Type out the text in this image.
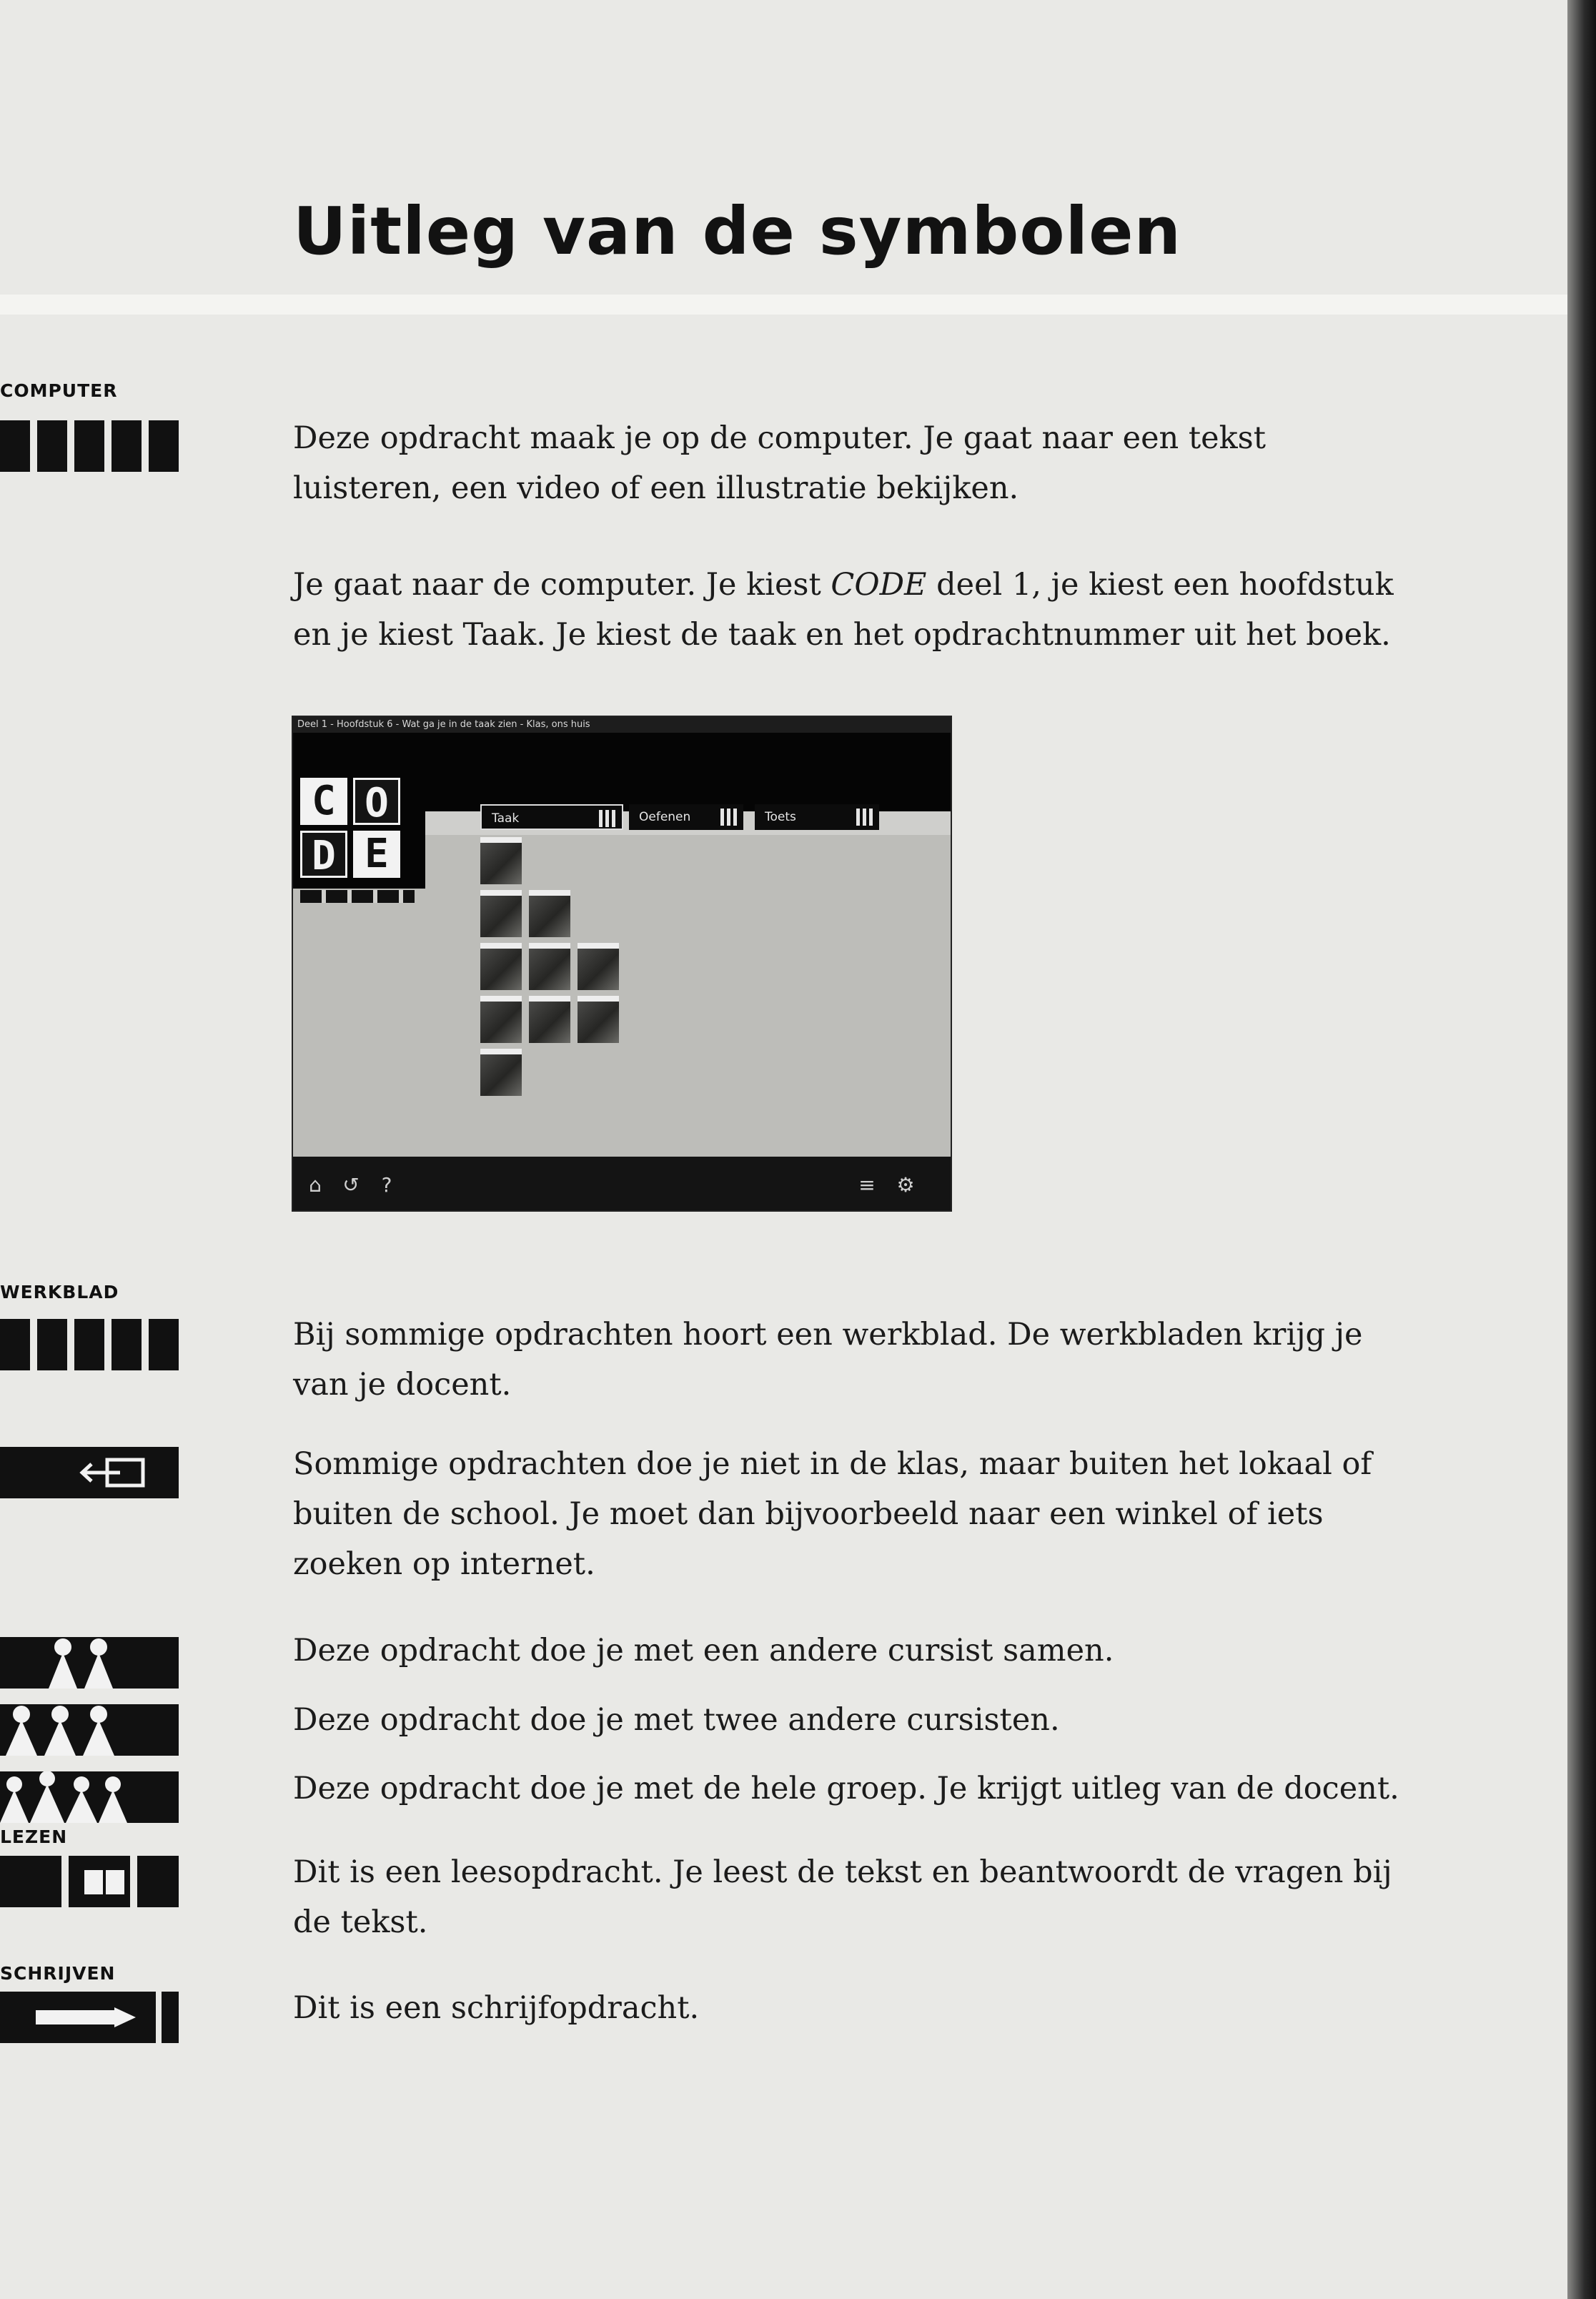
Uitleg van de symbolen
COMPUTER

Deze opdracht maak je op de computer. Je gaat naar een tekst luisteren, een video of een illustratie bekijken.

Je gaat naar de computer. Je kiest CODE deel 1, je kiest een hoofdstuk en je kiest Taak. Je kiest de taak en het opdrachtnummer uit het boek.

Deel 1 - Hoofdstuk 6 - Wat ga je in de taak zien - Klas, ons huis
C O
D E
Taak	Oefenen	Toets
⌂ ↺	?	≡ ⚙
WERKBLAD

Bij sommige opdrachten hoort een werkblad. De werkbladen krijg je van je docent.

Sommige opdrachten doe je niet in de klas, maar buiten het lokaal of buiten de school. Je moet dan bijvoorbeeld naar een winkel of iets zoeken op internet.

Deze opdracht doe je met een andere cursist samen.

Deze opdracht doe je met twee andere cursisten.

Deze opdracht doe je met de hele groep. Je krijgt uitleg van de docent.

LEZEN

Dit is een leesopdracht. Je leest de tekst en beantwoordt de vragen bij de tekst.

SCHRIJVEN

Dit is een schrijfopdracht.
